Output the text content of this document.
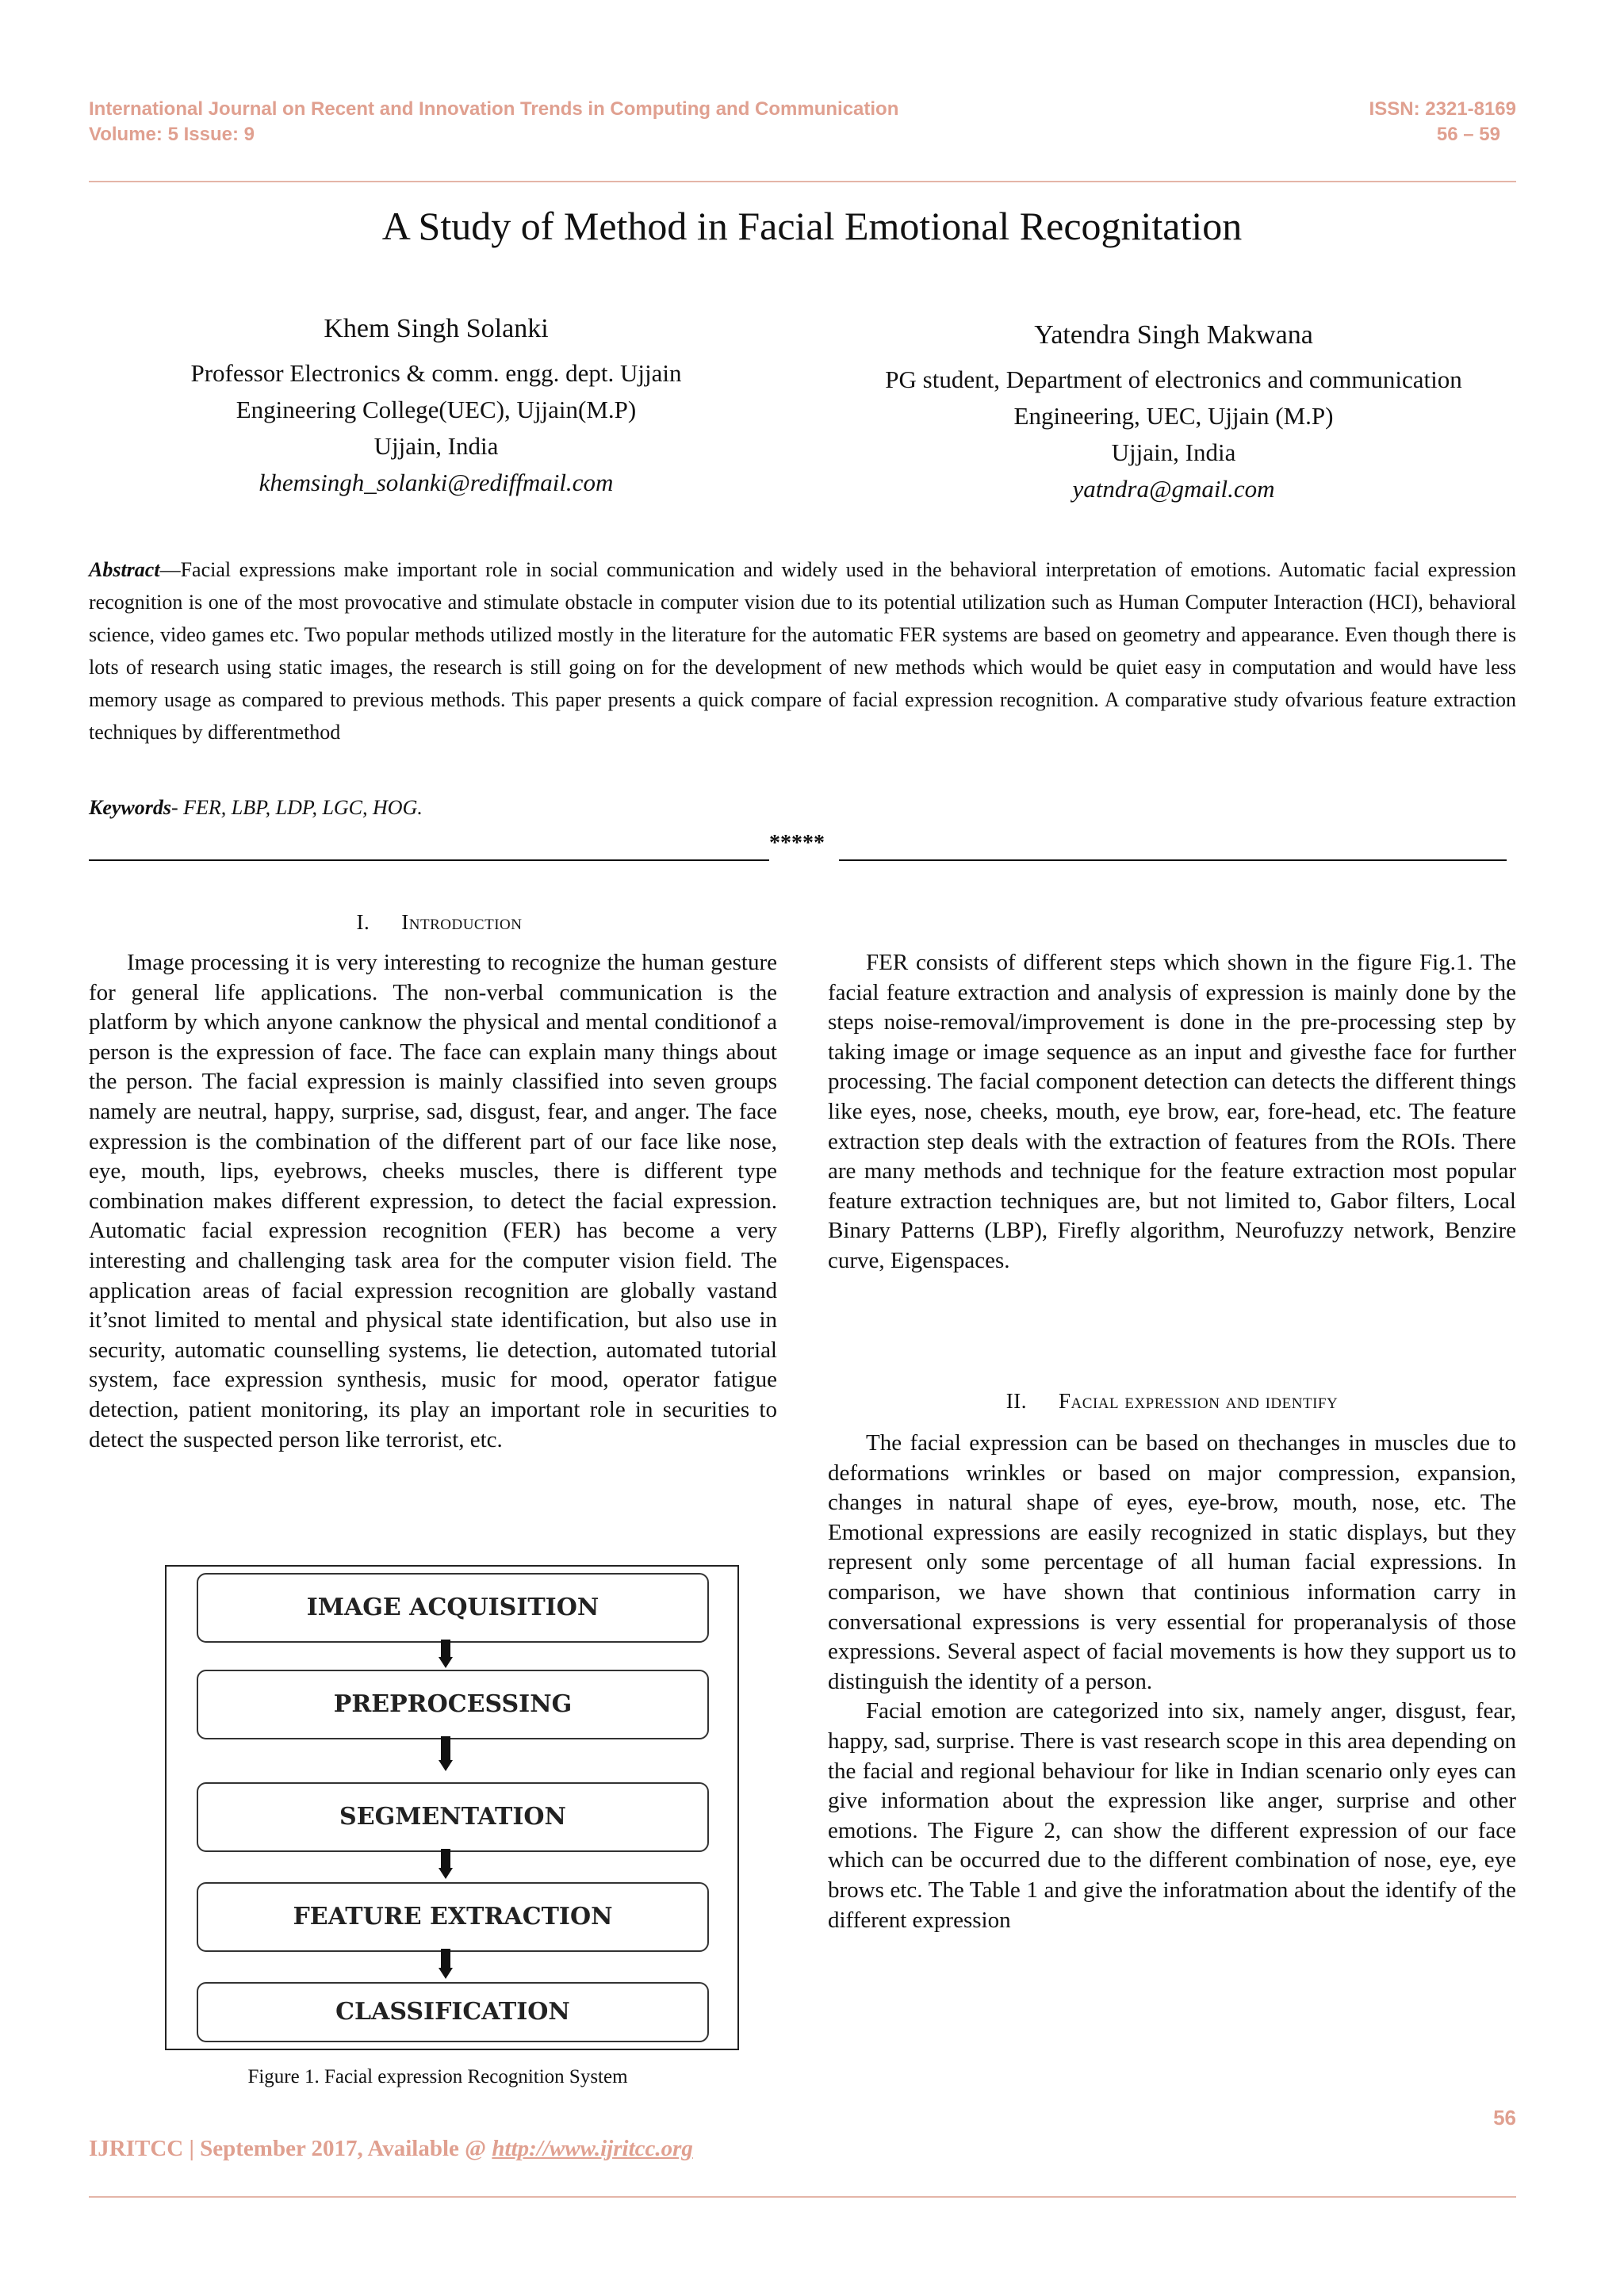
International Journal on Recent and Innovation Trends in Computing and Communication
Volume: 5 Issue: 9
ISSN: 2321-8169
56 – 59
A Study of Method in Facial Emotional Recognitation
Khem Singh Solanki
Professor Electronics & comm. engg. dept. Ujjain
Engineering College(UEC), Ujjain(M.P)
Ujjain, India
khemsingh_solanki@rediffmail.com
Yatendra Singh Makwana
PG student, Department of electronics and communication
Engineering, UEC, Ujjain (M.P)
Ujjain, India
yatndra@gmail.com
Abstract—Facial expressions make important role in social communication and widely used in the behavioral interpretation of emotions. Automatic facial expression recognition is one of the most provocative and stimulate obstacle in computer vision due to its potential utilization such as Human Computer Interaction (HCI), behavioral science, video games etc. Two popular methods utilized mostly in the literature for the automatic FER systems are based on geometry and appearance. Even though there is lots of research using static images, the research is still going on for the development of new methods which would be quiet easy in computation and would have less memory usage as compared to previous methods. This paper presents a quick compare of facial expression recognition. A comparative study ofvarious feature extraction techniques by differentmethod
Keywords- FER, LBP, LDP, LGC, HOG.
*****
I. Introduction

Image processing it is very interesting to recognize the human gesture for general life applications. The non-verbal communication is the platform by which anyone canknow the physical and mental conditionof a person is the expression of face. The face can explain many things about the person. The facial expression is mainly classified into seven groups namely are neutral, happy, surprise, sad, disgust, fear, and anger. The face expression is the combination of the different part of our face like nose, eye, mouth, lips, eyebrows, cheeks muscles, there is different type combination makes different expression, to detect the facial expression. Automatic facial expression recognition (FER) has become a very interesting and challenging task area for the computer vision field. The application areas of facial expression recognition are globally vastand it’snot limited to mental and physical state identification, but also use in security, automatic counselling systems, lie detection, automated tutorial system, face expression synthesis, music for mood, operator fatigue detection, patient monitoring, its play an important role in securities to detect the suspected person like terrorist, etc.

IMAGE ACQUISITION
PREPROCESSING
SEGMENTATION
FEATURE EXTRACTION
CLASSIFICATION
Figure 1. Facial expression Recognition System

FER consists of different steps which shown in the figure Fig.1. The facial feature extraction and analysis of expression is mainly done by the steps noise-removal/improvement is done in the pre-processing step by taking image or image sequence as an input and givesthe face for further processing. The facial component detection can detects the different things like eyes, nose, cheeks, mouth, eye brow, ear, fore-head, etc. The feature extraction step deals with the extraction of features from the ROIs. There are many methods and technique for the feature extraction most popular feature extraction techniques are, but not limited to, Gabor filters, Local Binary Patterns (LBP), Firefly algorithm, Neurofuzzy network, Benzire curve, Eigenspaces.

II. Facial expression and identify

The facial expression can be based on thechanges in muscles due to deformations wrinkles or based on major compression, expansion, changes in natural shape of eyes, eye-brow, mouth, nose, etc. The Emotional expressions are easily recognized in static displays, but they represent only some percentage of all human facial expressions. In comparison, we have shown that continious information carry in conversational expressions is very essential for properanalysis of those expressions. Several aspect of facial movements is how they support us to distinguish the identity of a person.

Facial emotion are categorized into six, namely anger, disgust, fear, happy, sad, surprise. There is vast research scope in this area depending on the facial and regional behaviour for like in Indian scenario only eyes can give information about the expression like anger, surprise and other emotions. The Figure 2, can show the different expression of our face which can be occurred due to the different combination of nose, eye, eye brows etc. The Table 1 and give the inforatmation about the identify of the different expression

56
IJRITCC | September 2017, Available @ http://www.ijritcc.org
